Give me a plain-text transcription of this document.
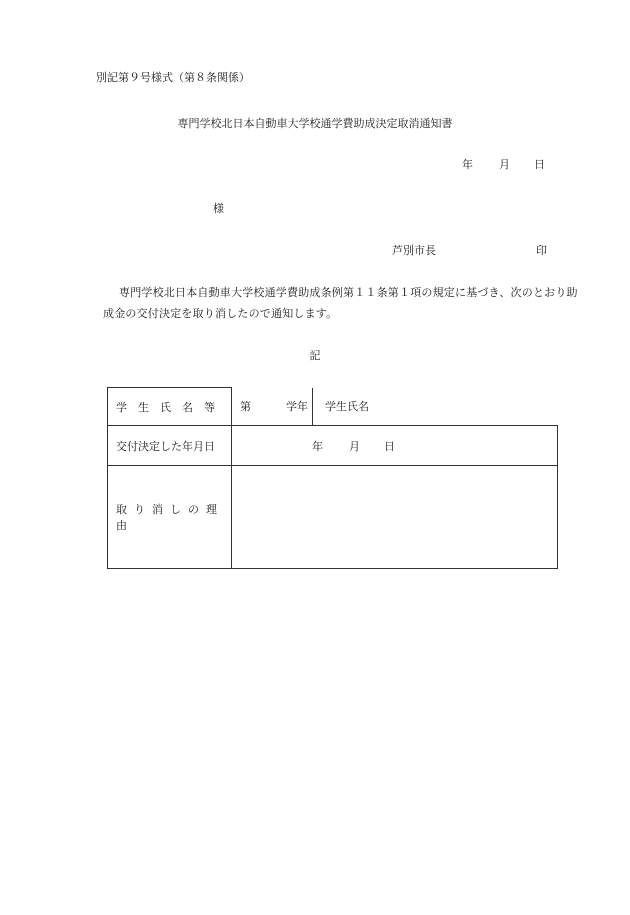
別記第９号様式（第８条関係）
専門学校北日本自動車大学校通学費助成決定取消通知書
年 月 日
様
芦別市長	印
専門学校北日本自動車大学校通学費助成条例第１１条第１項の規定に基づき、次のとおり助成金の交付決定を取り消したので通知します。
記
学生氏名等	第 学年 学生氏名

交付決定した年月日	年 月 日
取り消しの理由	
